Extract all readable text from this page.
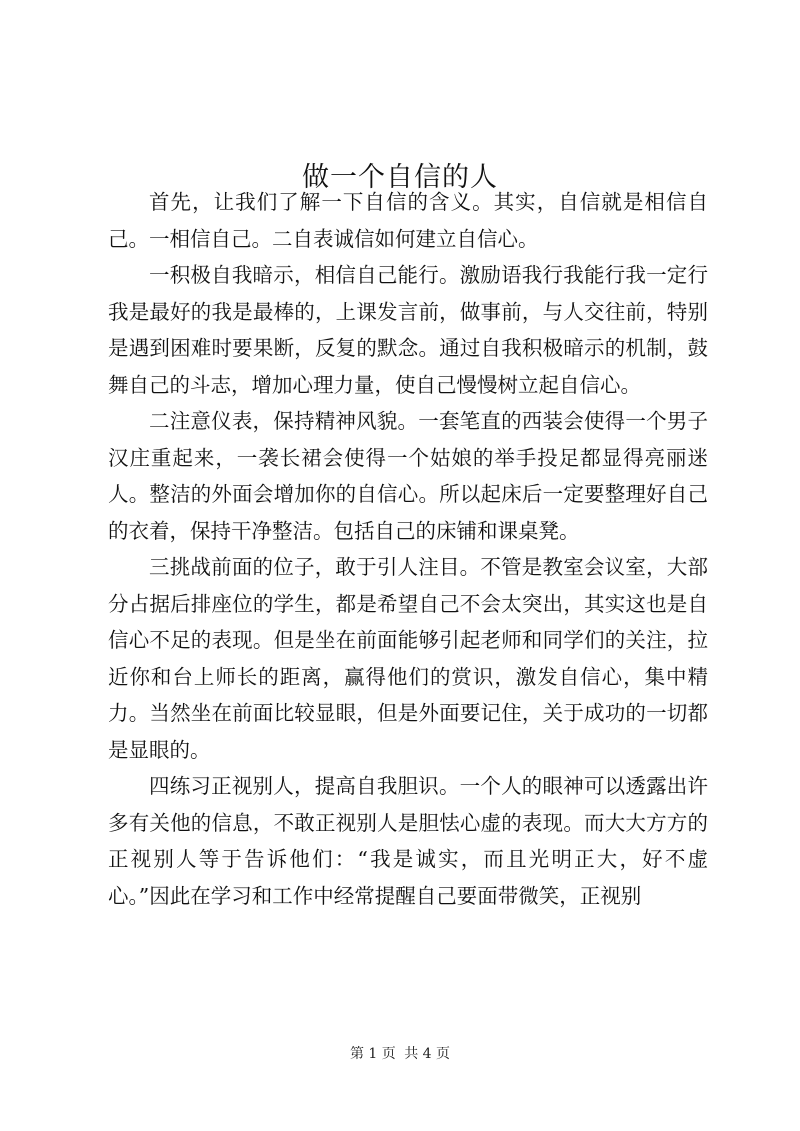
做一个自信的人

首先，让我们了解一下自信的含义。其实，自信就是相信自己。一相信自己。二自表诚信如何建立自信心。

一积极自我暗示，相信自己能行。激励语我行我能行我一定行我是最好的我是最棒的，上课发言前，做事前，与人交往前，特别是遇到困难时要果断，反复的默念。通过自我积极暗示的机制，鼓舞自己的斗志，增加心理力量，使自己慢慢树立起自信心。

二注意仪表，保持精神风貌。一套笔直的西装会使得一个男子汉庄重起来，一袭长裙会使得一个姑娘的举手投足都显得亮丽迷人。整洁的外面会增加你的自信心。所以起床后一定要整理好自己的衣着，保持干净整洁。包括自己的床铺和课桌凳。

三挑战前面的位子，敢于引人注目。不管是教室会议室，大部分占据后排座位的学生，都是希望自己不会太突出，其实这也是自信心不足的表现。但是坐在前面能够引起老师和同学们的关注，拉近你和台上师长的距离，赢得他们的赏识，激发自信心，集中精力。当然坐在前面比较显眼，但是外面要记住，关于成功的一切都是显眼的。

四练习正视别人，提高自我胆识。一个人的眼神可以透露出许多有关他的信息，不敢正视别人是胆怯心虚的表现。而大大方方的正视别人等于告诉他们：“我是诚实，而且光明正大，好不虚心。”因此在学习和工作中经常提醒自己要面带微笑，正视别

第 1 页 共 4 页
